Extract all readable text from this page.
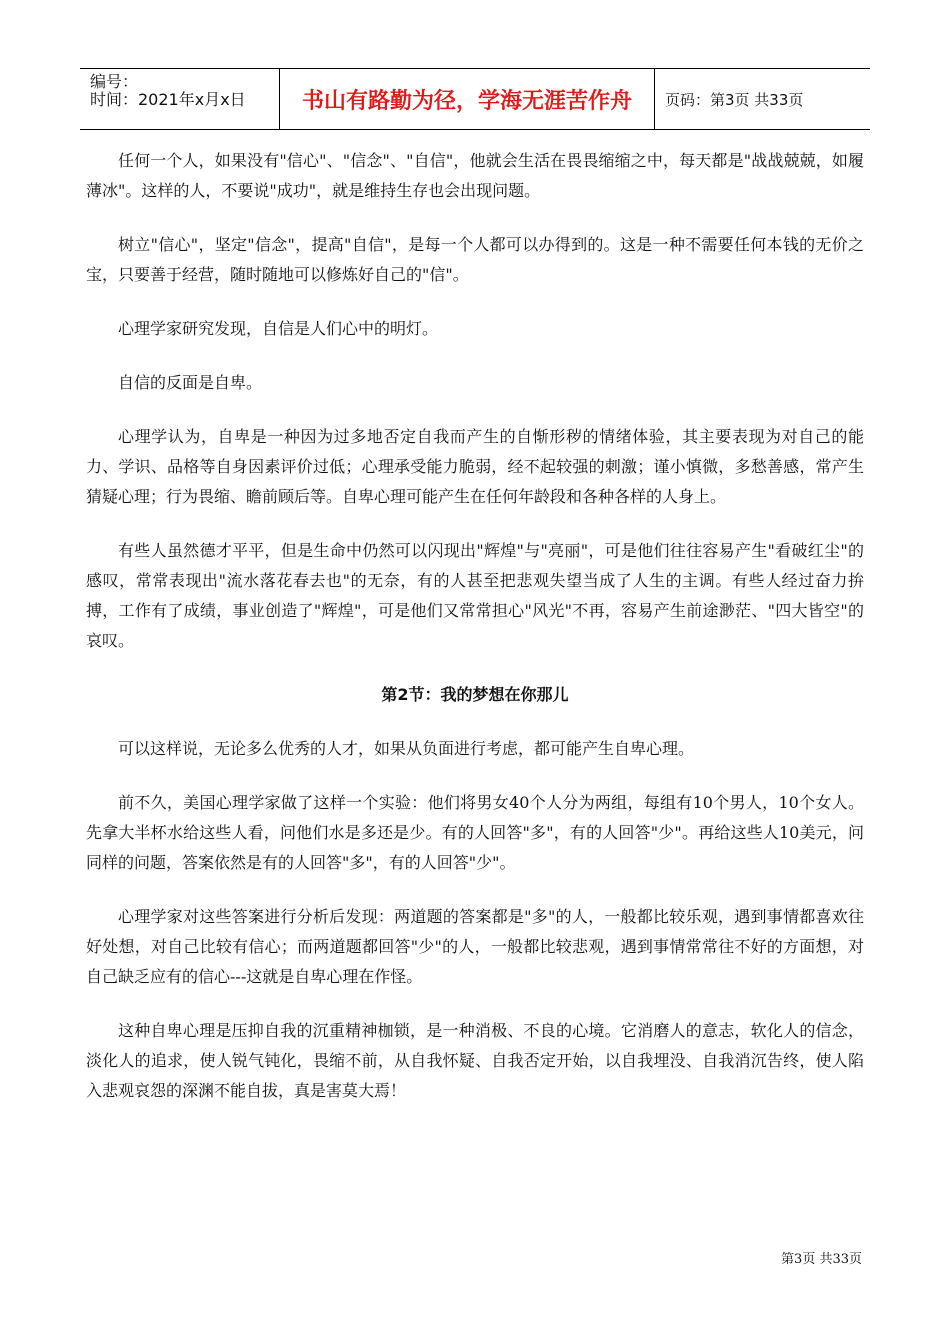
编号：
时间：2021年x月x日	书山有路勤为径，学海无涯苦作舟	页码：第3页 共33页

任何一个人，如果没有"信心"、"信念"、"自信"，他就会生活在畏畏缩缩之中，每天都是"战战兢兢，如履薄冰"。这样的人，不要说"成功"，就是维持生存也会出现问题。

树立"信心"，坚定"信念"，提高"自信"，是每一个人都可以办得到的。这是一种不需要任何本钱的无价之宝，只要善于经营，随时随地可以修炼好自己的"信"。

心理学家研究发现，自信是人们心中的明灯。

自信的反面是自卑。

心理学认为，自卑是一种因为过多地否定自我而产生的自惭形秽的情绪体验，其主要表现为对自己的能力、学识、品格等自身因素评价过低；心理承受能力脆弱，经不起较强的刺激；谨小慎微，多愁善感，常产生猜疑心理；行为畏缩、瞻前顾后等。自卑心理可能产生在任何年龄段和各种各样的人身上。

有些人虽然德才平平，但是生命中仍然可以闪现出"辉煌"与"亮丽"，可是他们往往容易产生"看破红尘"的感叹，常常表现出"流水落花春去也"的无奈，有的人甚至把悲观失望当成了人生的主调。有些人经过奋力拚搏，工作有了成绩，事业创造了"辉煌"，可是他们又常常担心"风光"不再，容易产生前途渺茫、"四大皆空"的哀叹。

第2节：我的梦想在你那儿

可以这样说，无论多么优秀的人才，如果从负面进行考虑，都可能产生自卑心理。

前不久，美国心理学家做了这样一个实验：他们将男女40个人分为两组，每组有10个男人，10个女人。先拿大半杯水给这些人看，问他们水是多还是少。有的人回答"多"，有的人回答"少"。再给这些人10美元，问同样的问题，答案依然是有的人回答"多"，有的人回答"少"。

心理学家对这些答案进行分析后发现：两道题的答案都是"多"的人，一般都比较乐观，遇到事情都喜欢往好处想，对自己比较有信心；而两道题都回答"少"的人，一般都比较悲观，遇到事情常常往不好的方面想，对自己缺乏应有的信心---这就是自卑心理在作怪。

这种自卑心理是压抑自我的沉重精神枷锁，是一种消极、不良的心境。它消磨人的意志，软化人的信念，淡化人的追求，使人锐气钝化，畏缩不前，从自我怀疑、自我否定开始，以自我埋没、自我消沉告终，使人陷入悲观哀怨的深渊不能自拔，真是害莫大焉！

第3页 共33页
